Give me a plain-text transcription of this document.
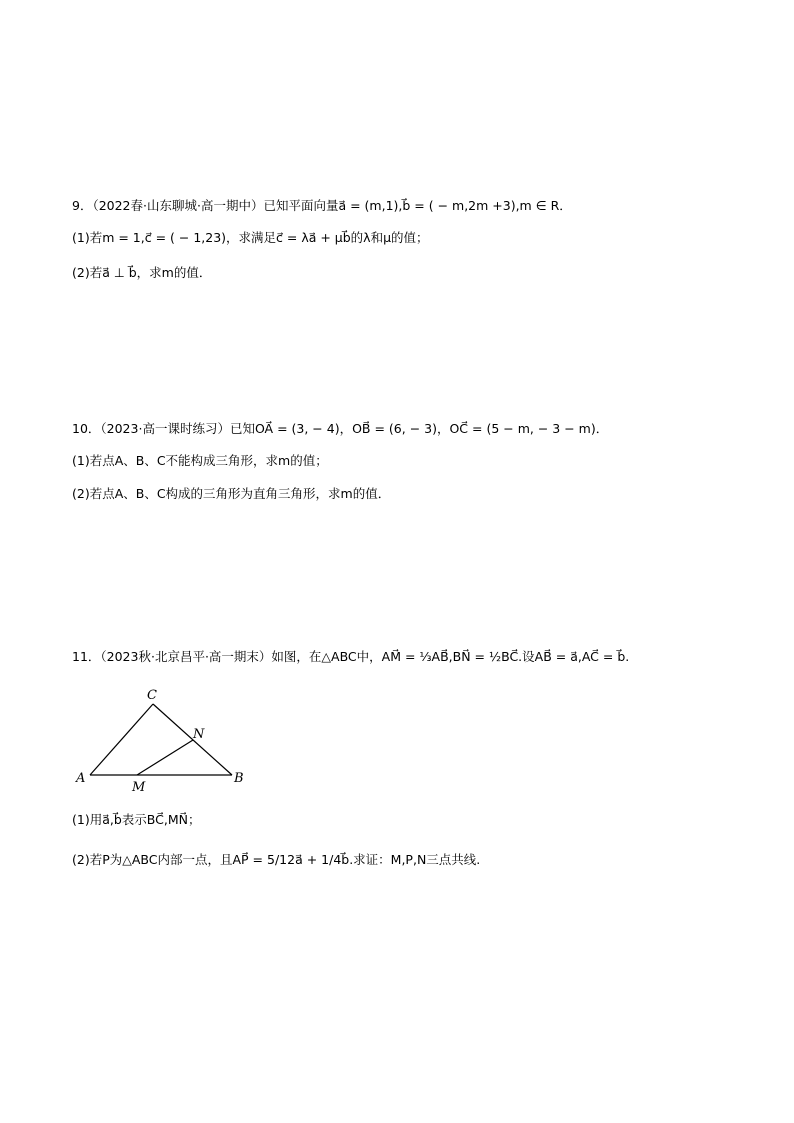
9．（2022春·山东聊城·高一期中）已知平面向量a⃗ = (m,1),b⃗ = ( − m,2m +3),m ∈ R．
(1)若m = 1,c⃗ = ( − 1,23)，求满足c⃗ = λa⃗ + μb⃗的λ和μ的值；
(2)若a⃗ ⊥ b⃗，求m的值．
10．（2023·高一课时练习）已知OA⃗ = (3, − 4)，OB⃗ = (6, − 3)，OC⃗ = (5 − m, − 3 − m)．
(1)若点A、B、C不能构成三角形，求m的值；
(2)若点A、B、C构成的三角形为直角三角形，求m的值．
11．（2023秋·北京昌平·高一期末）如图，在△ABC中，AM⃗ = ⅓AB⃗,BN⃗ = ½BC⃗.设AB⃗ = a⃗,AC⃗ = b⃗.
A	B
C
M
N
(1)用a⃗,b⃗表示BC⃗,MN⃗；
(2)若P为△ABC内部一点，且AP⃗ = 5/12a⃗ + 1/4b⃗.求证：M,P,N三点共线.
